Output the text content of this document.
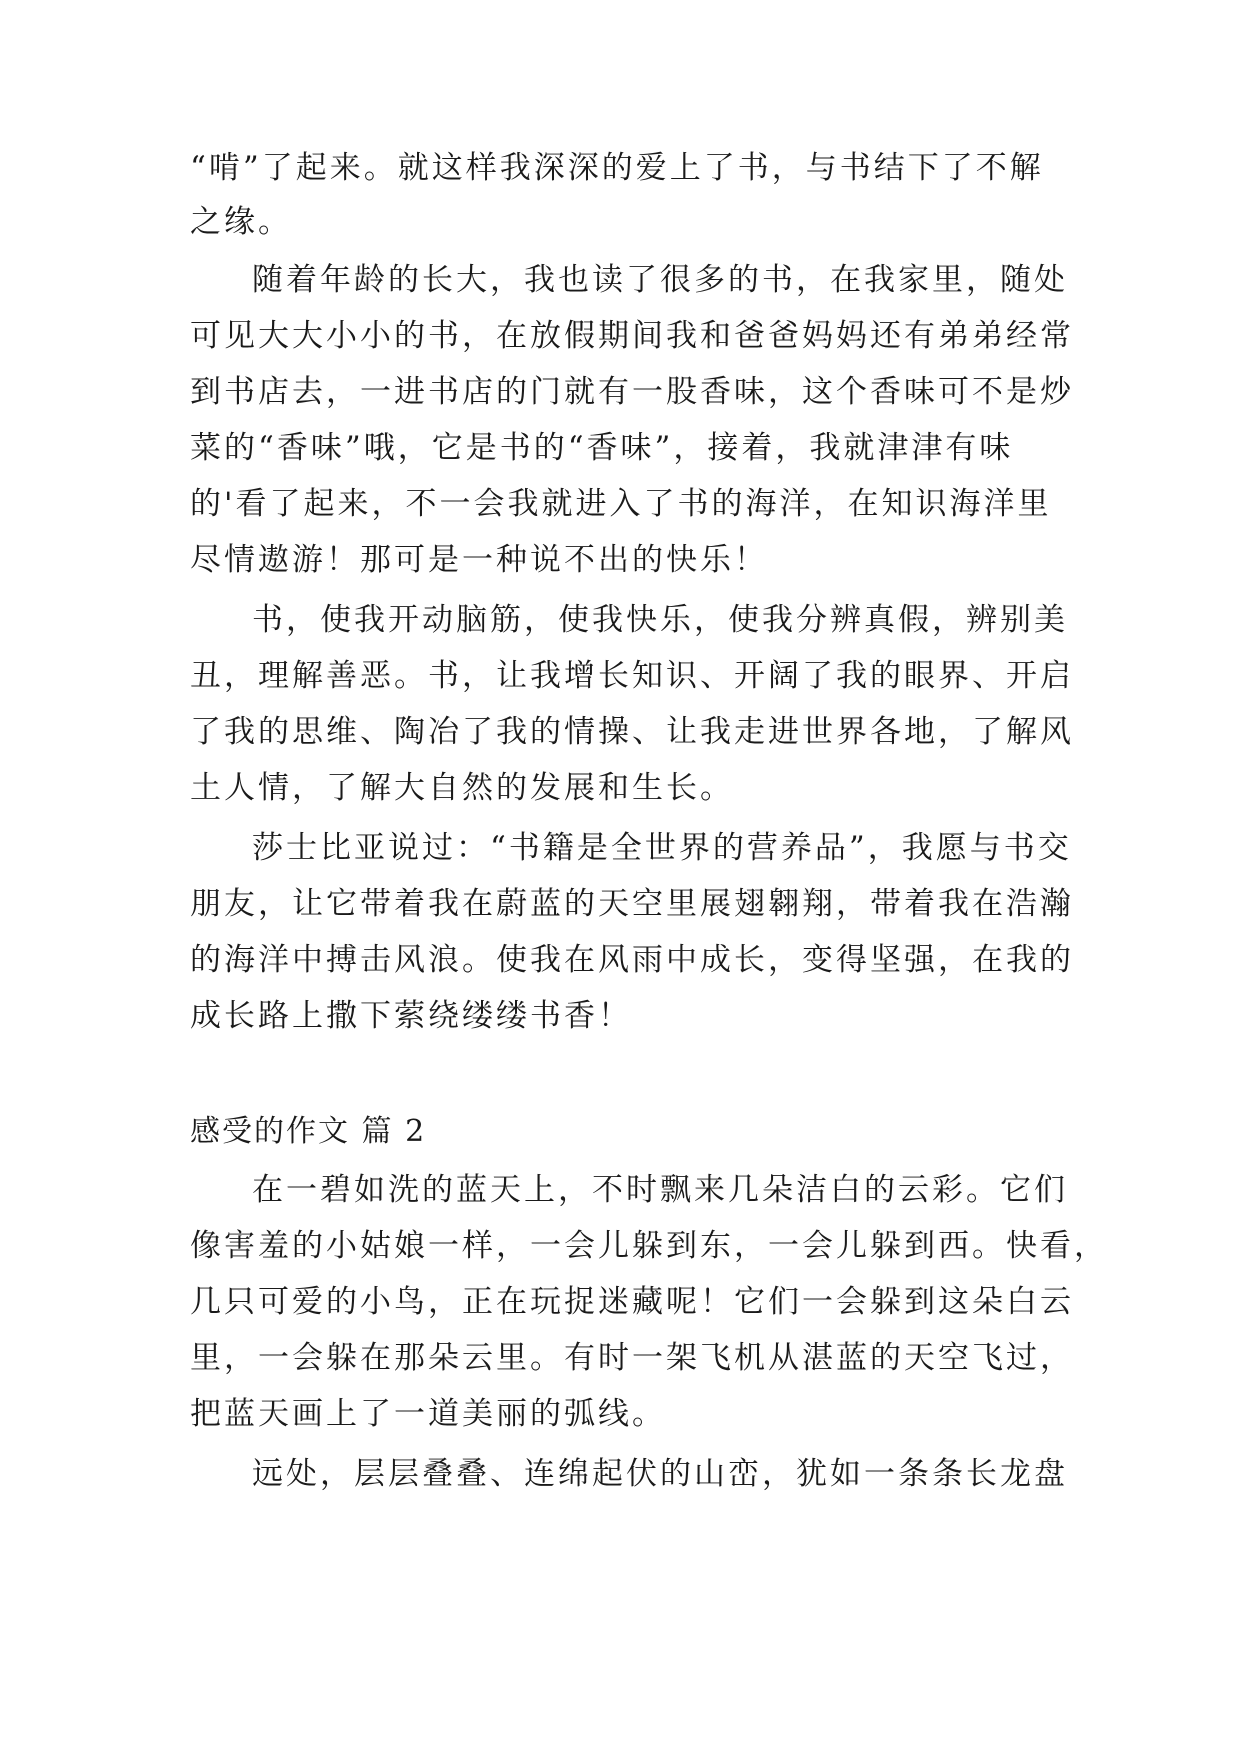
“啃”了起来。就这样我深深的爱上了书，与书结下了不解
之缘。
随着年龄的长大，我也读了很多的书，在我家里，随处
可见大大小小的书，在放假期间我和爸爸妈妈还有弟弟经常
到书店去，一进书店的门就有一股香味，这个香味可不是炒
菜的“香味”哦，它是书的“香味”，接着，我就津津有味
的'看了起来，不一会我就进入了书的海洋，在知识海洋里
尽情遨游！那可是一种说不出的快乐！
书，使我开动脑筋，使我快乐，使我分辨真假，辨别美
丑，理解善恶。书，让我增长知识、开阔了我的眼界、开启
了我的思维、陶冶了我的情操、让我走进世界各地，了解风
土人情，了解大自然的发展和生长。
莎士比亚说过：“书籍是全世界的营养品”，我愿与书交
朋友，让它带着我在蔚蓝的天空里展翅翱翔，带着我在浩瀚
的海洋中搏击风浪。使我在风雨中成长，变得坚强，在我的
成长路上撒下萦绕缕缕书香！
感受的作文 篇 2
在一碧如洗的蓝天上，不时飘来几朵洁白的云彩。它们
像害羞的小姑娘一样，一会儿躲到东，一会儿躲到西。快看，
几只可爱的小鸟，正在玩捉迷藏呢！它们一会躲到这朵白云
里，一会躲在那朵云里。有时一架飞机从湛蓝的天空飞过，
把蓝天画上了一道美丽的弧线。
远处，层层叠叠、连绵起伏的山峦，犹如一条条长龙盘
